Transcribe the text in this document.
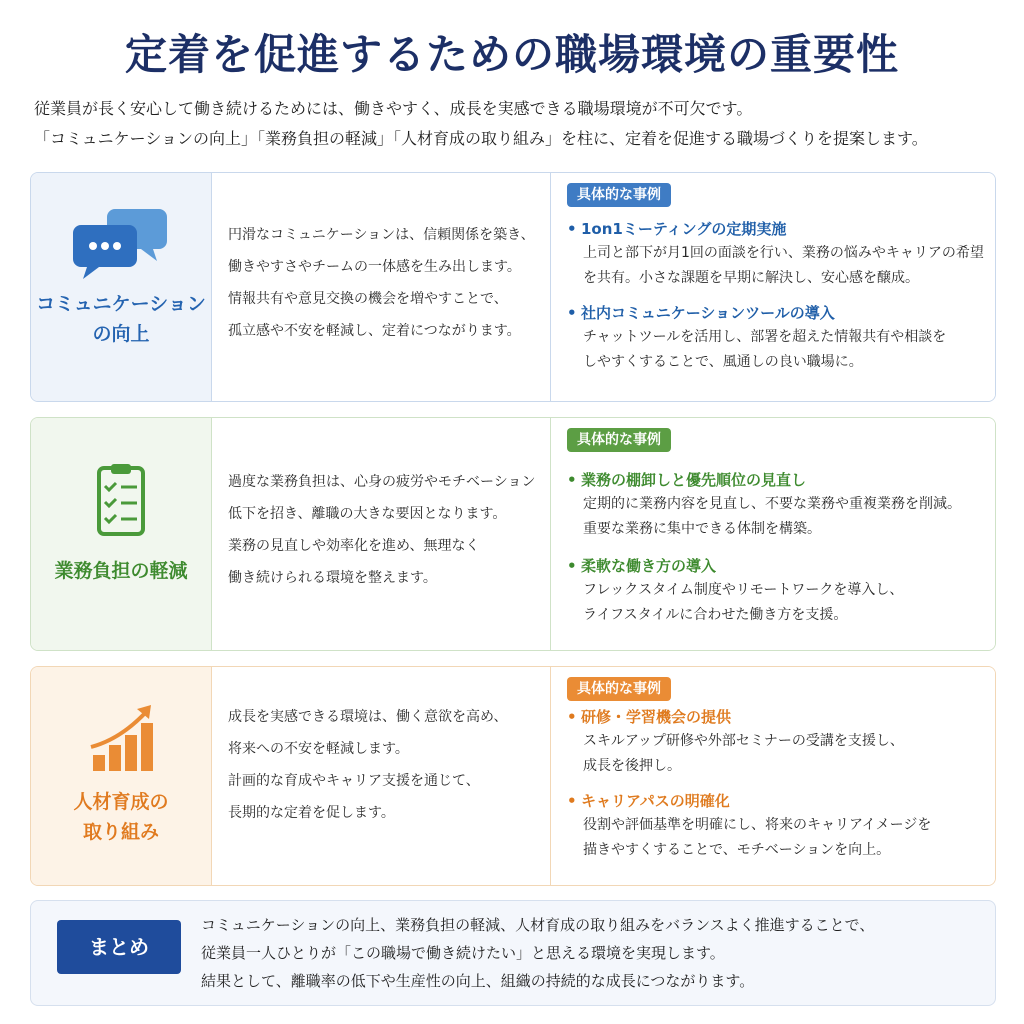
定着を促進するための職場環境の重要性

従業員が長く安心して働き続けるためには、働きやすく、成長を実感できる職場環境が不可欠です。

「コミュニケーションの向上」「業務負担の軽減」「人材育成の取り組み」を柱に、定着を促進する職場づくりを提案します。

コミュニケーション
の向上

円滑なコミュニケーションは、信頼関係を築き、

働きやすさやチームの一体感を生み出します。

情報共有や意見交換の機会を増やすことで、

孤立感や不安を軽減し、定着につながります。

具体的な事例
• 1on1ミーティングの定期実施

上司と部下が月1回の面談を行い、業務の悩みやキャリアの希望

を共有。小さな課題を早期に解決し、安心感を醸成。

• 社内コミュニケーションツールの導入

チャットツールを活用し、部署を超えた情報共有や相談を

しやすくすることで、風通しの良い職場に。

業務負担の軽減

過度な業務負担は、心身の疲労やモチベーション

低下を招き、離職の大きな要因となります。

業務の見直しや効率化を進め、無理なく

働き続けられる環境を整えます。

具体的な事例
• 業務の棚卸しと優先順位の見直し

定期的に業務内容を見直し、不要な業務や重複業務を削減。

重要な業務に集中できる体制を構築。

• 柔軟な働き方の導入

フレックスタイム制度やリモートワークを導入し、

ライフスタイルに合わせた働き方を支援。

人材育成の
取り組み

成長を実感できる環境は、働く意欲を高め、

将来への不安を軽減します。

計画的な育成やキャリア支援を通じて、

長期的な定着を促します。

具体的な事例
• 研修・学習機会の提供

スキルアップ研修や外部セミナーの受講を支援し、

成長を後押し。

• キャリアパスの明確化

役割や評価基準を明確にし、将来のキャリアイメージを

描きやすくすることで、モチベーションを向上。

まとめ

コミュニケーションの向上、業務負担の軽減、人材育成の取り組みをバランスよく推進することで、

従業員一人ひとりが「この職場で働き続けたい」と思える環境を実現します。

結果として、離職率の低下や生産性の向上、組織の持続的な成長につながります。
